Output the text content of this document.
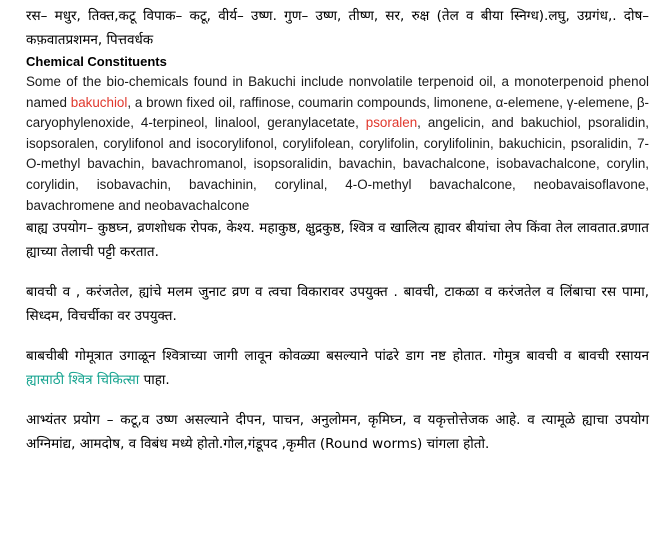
रस– मधुर, तिक्त,कटू विपाक– कटू, वीर्य– उष्ण. गुण– उष्ण, तीष्ण, सर, रुक्ष (तेल व बीया स्निग्ध).लघु, उग्रगंध,. दोष– कफ़वातप्रशमन, पित्तवर्धक

Chemical Constituents

Some of the bio-chemicals found in Bakuchi include nonvolatile terpenoid oil, a monoterpenoid phenol named bakuchiol, a brown fixed oil, raffinose, coumarin compounds, limonene, α-elemene, γ-elemene, β-caryophylenoxide, 4-terpineol, linalool, geranylacetate, psoralen, angelicin, and bakuchiol, psoralidin, isopsoralen, corylifonol and isocorylifonol, corylifolean, corylifolin, corylifolinin, bakuchicin, psoralidin, 7-O-methyl bavachin, bavachromanol, isopsoralidin, bavachin, bavachalcone, isobavachalcone, corylin, corylidin, isobavachin, bavachinin, corylinal, 4-O-methyl bavachalcone, neobavaisoflavone, bavachromene and neobavachalcone

बाह्य उपयोग– कुष्ठघ्न, व्रणशोधक रोपक, केश्य. महाकुष्ठ, क्षुद्रकुष्ठ, श्वित्र व खालित्य ह्यावर बीयांचा लेप किंवा तेल लावतात.व्रणात ह्याच्या तेलाची पट्टी करतात.

बावची व , करंजतेल, ह्यांचे मलम जुनाट व्रण व त्वचा विकारावर उपयुक्त . बावची, टाकळा व करंजतेल व लिंबाचा रस पामा, सिध्दम, विचर्चीका वर उपयुक्त.

बाबचीबी गोमूत्रात उगाळून श्वित्राच्या जागी लावून कोवळ्या बसल्याने पांढरे डाग नष्ट होतात. गोमुत्र बावची व बावची रसायन ह्यासाठी श्वित्र चिकित्सा पाहा.

आभ्यंतर प्रयोग – कटू,व उष्ण असल्याने दीपन, पाचन, अनुलोमन, कृमिघ्न, व यकृत्तोत्तेजक आहे. व त्यामूळे ह्याचा उपयोग अग्निमांद्य, आमदोष, व विबंध मध्ये होतो.गोल,गंडूपद ,कृमीत (Round worms) चांगला होतो.
